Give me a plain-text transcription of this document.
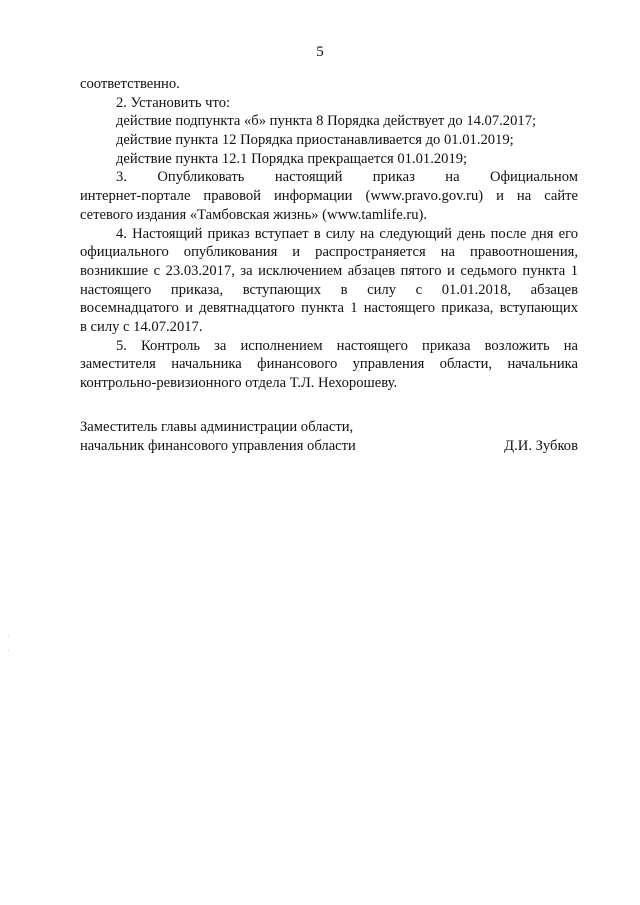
5
соответственно.
2. Установить что:
действие подпункта «б» пункта 8 Порядка действует до 14.07.2017;
действие пункта 12 Порядка приостанавливается до 01.01.2019;
действие пункта 12.1 Порядка прекращается 01.01.2019;
3. Опубликовать настоящий приказ на Официальном
интернет-портале правовой информации (www.pravo.gov.ru) и на сайте
сетевого издания «Тамбовская жизнь» (www.tamlife.ru).
4. Настоящий приказ вступает в силу на следующий день после дня его
официального опубликования и распространяется на правоотношения,
возникшие с 23.03.2017, за исключением абзацев пятого и седьмого пункта 1
настоящего приказа, вступающих в силу с 01.01.2018, абзацев
восемнадцатого и девятнадцатого пункта 1 настоящего приказа, вступающих
в силу с 14.07.2017.
5. Контроль за исполнением настоящего приказа возложить на
заместителя начальника финансового управления области, начальника
контрольно-ревизионного отдела Т.Л. Нехорошеву.
Заместитель главы администрации области,
начальник финансового управления области	Д.И. Зубков
